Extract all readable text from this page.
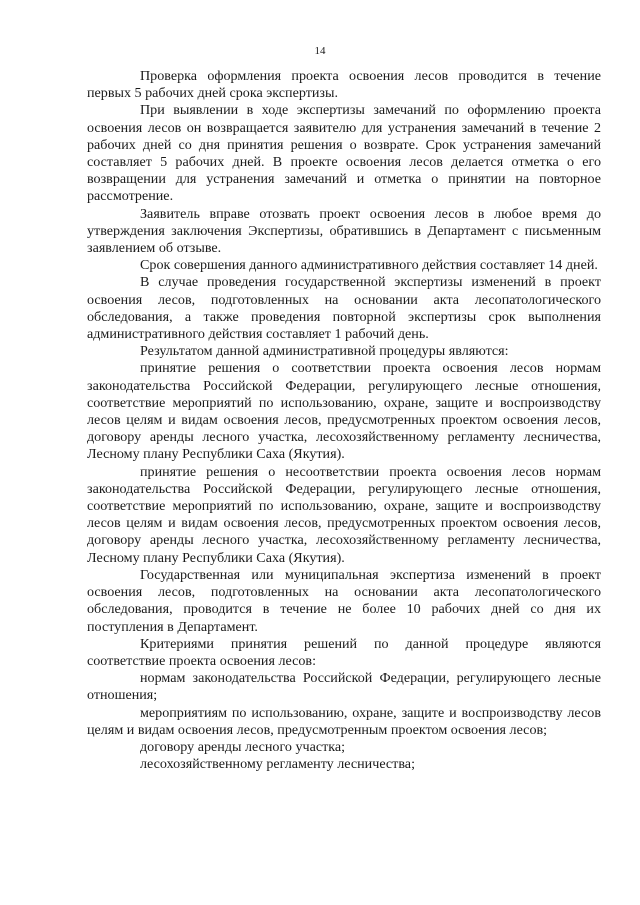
14

Проверка оформления проекта освоения лесов проводится в течение первых 5 рабочих дней срока экспертизы.

При выявлении в ходе экспертизы замечаний по оформлению проекта освоения лесов он возвращается заявителю для устранения замечаний в течение 2 рабочих дней со дня принятия решения о возврате. Срок устранения замечаний составляет 5 рабочих дней. В проекте освоения лесов делается отметка о его возвращении для устранения замечаний и отметка о принятии на повторное рассмотрение.

Заявитель вправе отозвать проект освоения лесов в любое время до утверждения заключения Экспертизы, обратившись в Департамент с письменным заявлением об отзыве.

Срок совершения данного административного действия составляет 14 дней.

В случае проведения государственной экспертизы изменений в проект освоения лесов, подготовленных на основании акта лесопатологического обследования, а также проведения повторной экспертизы срок выполнения административного действия составляет 1 рабочий день.

Результатом данной административной процедуры являются:

принятие решения о соответствии проекта освоения лесов нормам законодательства Российской Федерации, регулирующего лесные отношения, соответствие мероприятий по использованию, охране, защите и воспроизводству лесов целям и видам освоения лесов, предусмотренных проектом освоения лесов, договору аренды лесного участка, лесохозяйственному регламенту лесничества, Лесному плану Республики Саха (Якутия).

принятие решения о несоответствии проекта освоения лесов нормам законодательства Российской Федерации, регулирующего лесные отношения, соответствие мероприятий по использованию, охране, защите и воспроизводству лесов целям и видам освоения лесов, предусмотренных проектом освоения лесов, договору аренды лесного участка, лесохозяйственному регламенту лесничества, Лесному плану Республики Саха (Якутия).

Государственная или муниципальная экспертиза изменений в проект освоения лесов, подготовленных на основании акта лесопатологического обследования, проводится в течение не более 10 рабочих дней со дня их поступления в Департамент.

Критериями принятия решений по данной процедуре являются соответствие проекта освоения лесов:

нормам законодательства Российской Федерации, регулирующего лесные отношения;

мероприятиям по использованию, охране, защите и воспроизводству лесов целям и видам освоения лесов, предусмотренным проектом освоения лесов;

договору аренды лесного участка;

лесохозяйственному регламенту лесничества;
